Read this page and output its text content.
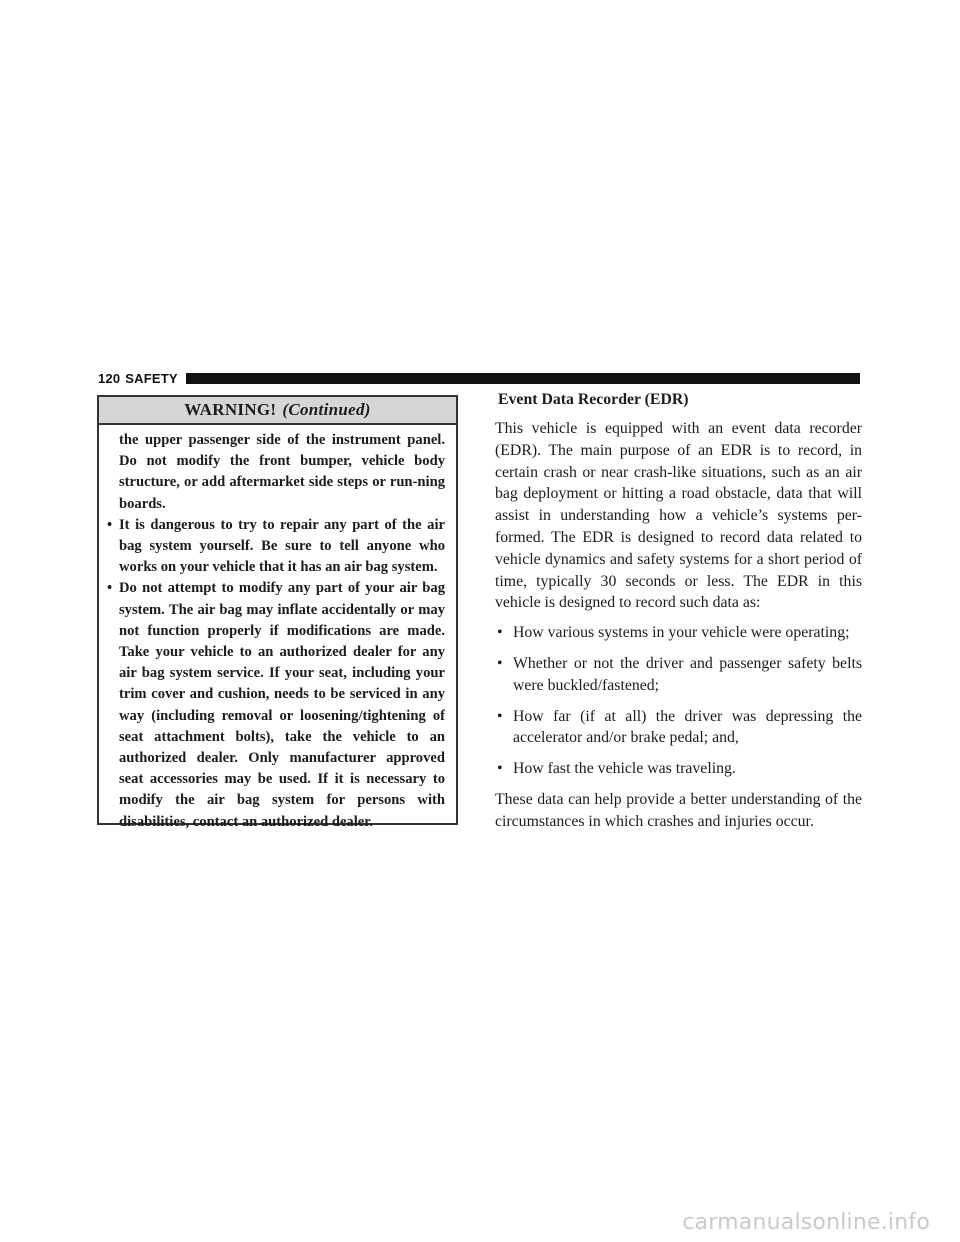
120 SAFETY
WARNING! (Continued)

the upper passenger side of the instrument panel. Do not modify the front bumper, vehicle body structure, or add aftermarket side steps or run-ning boards.

• It is dangerous to try to repair any part of the air bag system yourself. Be sure to tell anyone who works on your vehicle that it has an air bag system.
• Do not attempt to modify any part of your air bag system. The air bag may inflate accidentally or may not function properly if modifications are made. Take your vehicle to an authorized dealer for any air bag system service. If your seat, including your trim cover and cushion, needs to be serviced in any way (including removal or loosening/tightening of seat attachment bolts), take the vehicle to an authorized dealer. Only manufacturer approved seat accessories may be used. If it is necessary to modify the air bag system for persons with disabilities, contact an authorized dealer.
Event Data Recorder (EDR)

This vehicle is equipped with an event data recorder (EDR). The main purpose of an EDR is to record, in certain crash or near crash-like situations, such as an air bag deployment or hitting a road obstacle, data that will assist in understanding how a vehicle’s systems per-formed. The EDR is designed to record data related to vehicle dynamics and safety systems for a short period of time, typically 30 seconds or less. The EDR in this vehicle is designed to record such data as:

• How various systems in your vehicle were operating;
• Whether or not the driver and passenger safety belts were buckled/fastened;
• How far (if at all) the driver was depressing the accelerator and/or brake pedal; and,
• How fast the vehicle was traveling.

These data can help provide a better understanding of the circumstances in which crashes and injuries occur.

carmanualsonline.info
